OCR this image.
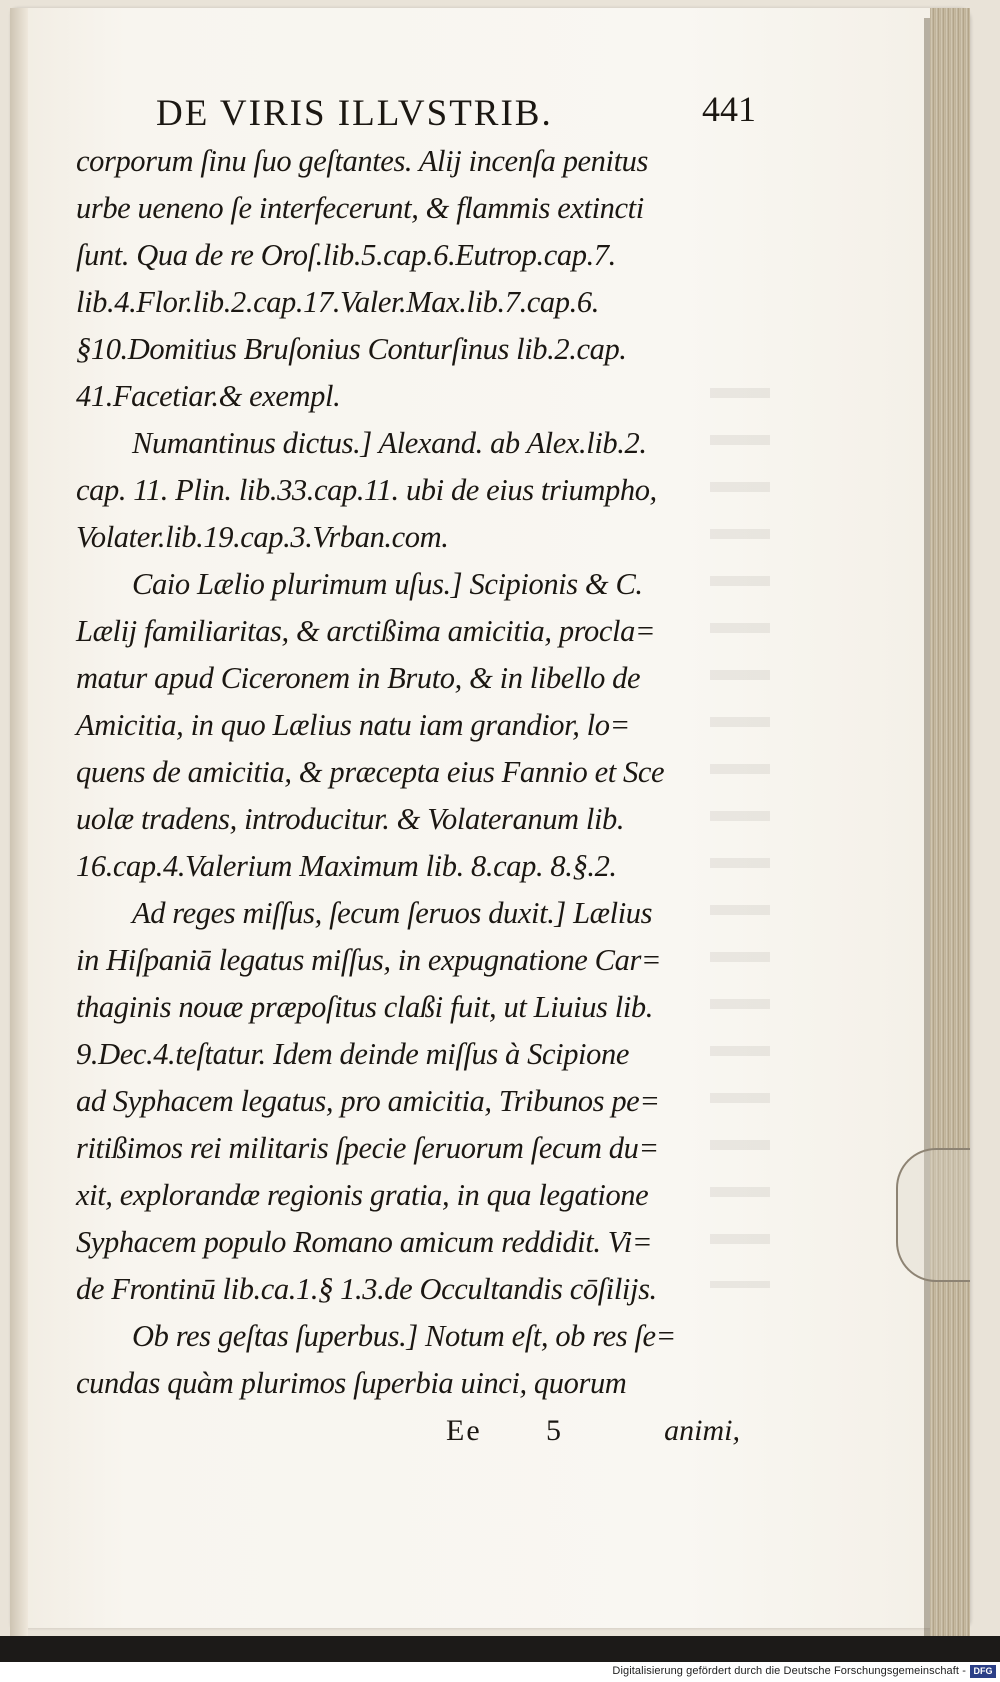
DE VIRIS ILLVSTRIB.	441
corporum ſinu ſuo geſtantes. Alij incenſa penitus
urbe ueneno ſe interfecerunt, & flammis extincti
ſunt. Qua de re Oroſ.lib.5.cap.6.Eutrop.cap.7.
lib.4.Flor.lib.2.cap.17.Valer.Max.lib.7.cap.6.
§10.Domitius Bruſonius Conturſinus lib.2.cap.
41.Facetiar.& exempl.
Numantinus dictus.] Alexand. ab Alex.lib.2.
cap. 11. Plin. lib.33.cap.11. ubi de eius triumpho,
Volater.lib.19.cap.3.Vrban.com.
Caio Lælio plurimum uſus.] Scipionis & C.
Lælij familiaritas, & arctißima amicitia, procla=
matur apud Ciceronem in Bruto, & in libello de
Amicitia, in quo Lælius natu iam grandior, lo=
quens de amicitia, & præcepta eius Fannio et Sce
uolæ tradens, introducitur. & Volateranum lib.
16.cap.4.Valerium Maximum lib. 8.cap. 8.§.2.
Ad reges miſſus, ſecum ſeruos duxit.] Lælius
in Hiſpaniā legatus miſſus, in expugnatione Car=
thaginis nouæ præpoſitus claßi fuit, ut Liuius lib.
9.Dec.4.teſtatur. Idem deinde miſſus à Scipione
ad Syphacem legatus, pro amicitia, Tribunos pe=
ritißimos rei militaris ſpecie ſeruorum ſecum du=
xit, explorandæ regionis gratia, in qua legatione
Syphacem populo Romano amicum reddidit. Vi=
de Frontinū lib.ca.1.§ 1.3.de Occultandis cōſilijs.
Ob res geſtas ſuperbus.] Notum eſt, ob res ſe=
cundas quàm plurimos ſuperbia uinci, quorum
Ee 5	animi,
Digitalisierung gefördert durch die Deutsche Forschungsgemeinschaft - DFG
